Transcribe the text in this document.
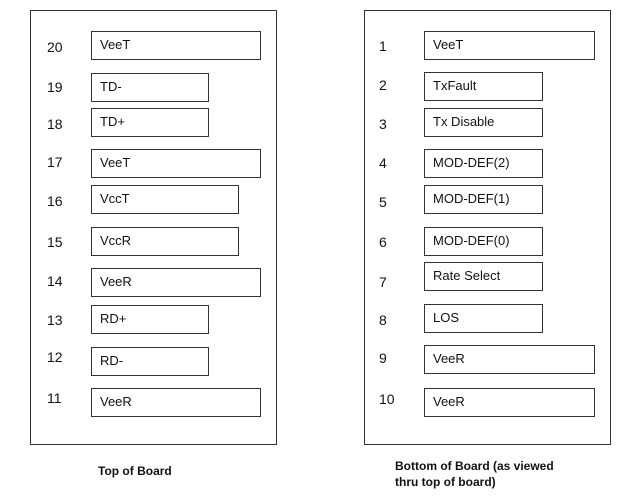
20	VeeT
19	TD-
18	TD+
17	VeeT
16	VccT
15	VccR
14	VeeR
13	RD+
12	RD-
11	VeeR
1	VeeT
2	TxFault
3	Tx Disable
4	MOD-DEF(2)
5	MOD-DEF(1)
6	MOD-DEF(0)
7	Rate Select
8	LOS
9	VeeR
10	VeeR
Top of Board	Bottom of Board (as viewed
thru top of board)
